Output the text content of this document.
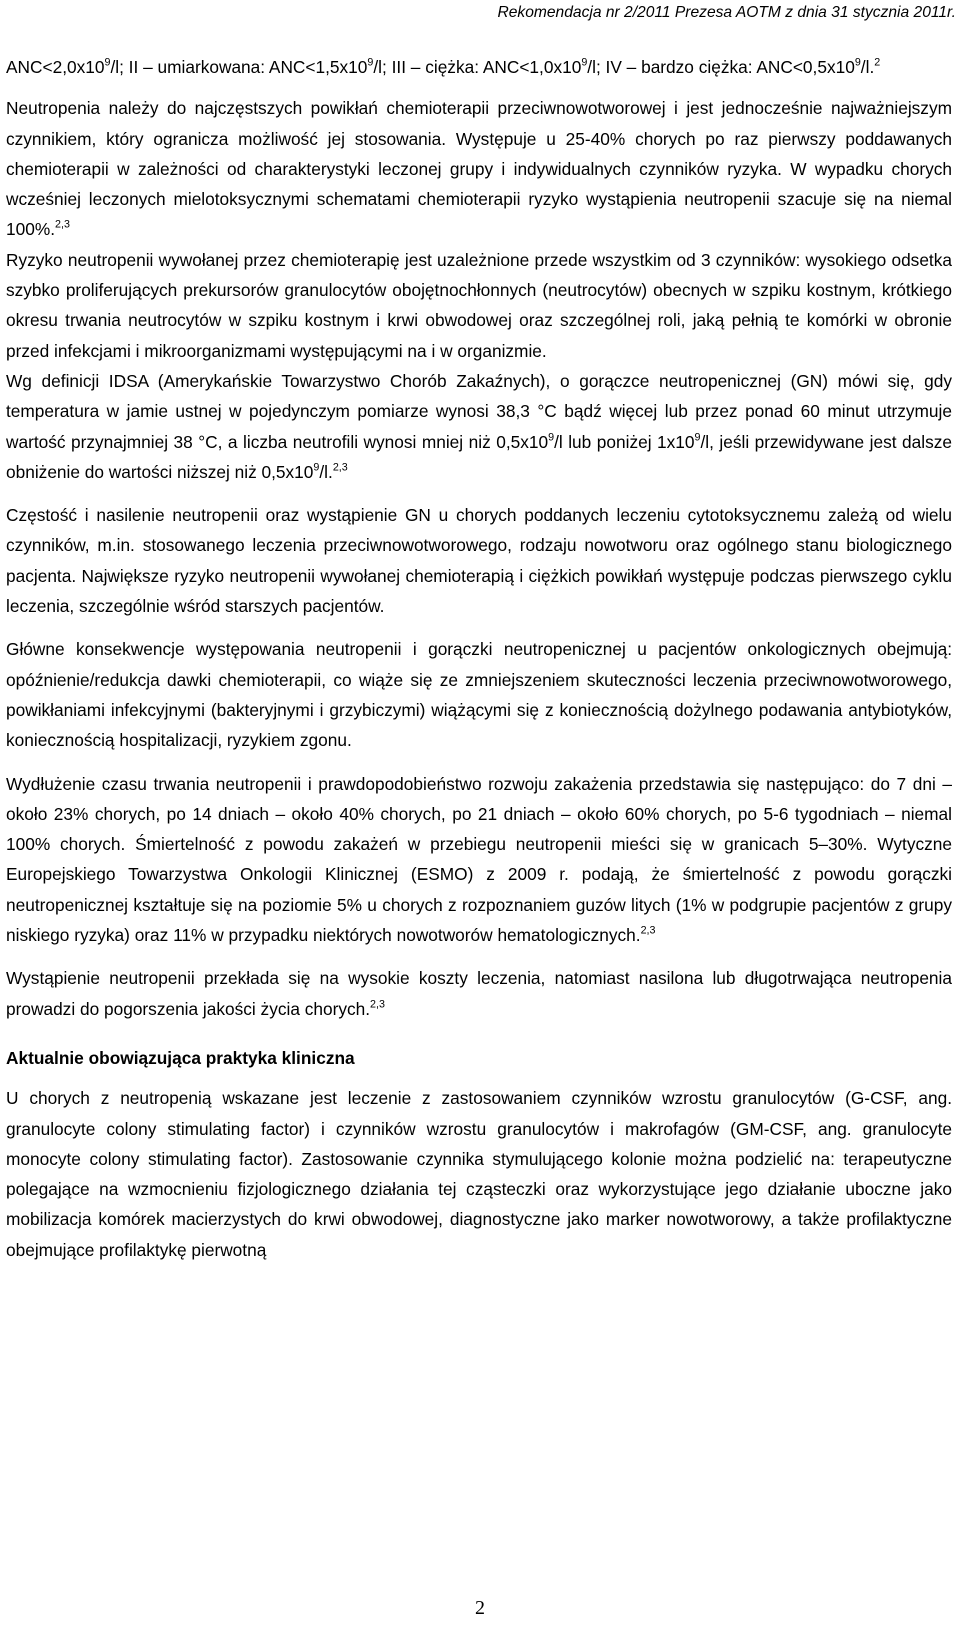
Rekomendacja nr 2/2011 Prezesa AOTM z dnia 31 stycznia 2011r.

$ANC<2,0x10^9/l$; II – umiarkowana: $ANC<1,5x10^9/l$; III – ciężka: $ANC<1,0x10^9/l$; IV – bardzo ciężka: $ANC<0,5x10^9/l.^2$

Neutropenia należy do najczęstszych powikłań chemioterapii przeciwnowotworowej i jest jednocześnie najważniejszym czynnikiem, który ogranicza możliwość jej stosowania. Występuje u 25-40% chorych po raz pierwszy poddawanych chemioterapii w zależności od charakterystyki leczonej grupy i indywidualnych czynników ryzyka. W wypadku chorych wcześniej leczonych mielotoksycznymi schematami chemioterapii ryzyko wystąpienia neutropenii szacuje się na niemal 100%.$^{2,3}$

Ryzyko neutropenii wywołanej przez chemioterapię jest uzależnione przede wszystkim od 3 czynników: wysokiego odsetka szybko proliferujących prekursorów granulocytów obojętnochłonnych (neutrocytów) obecnych w szpiku kostnym, krótkiego okresu trwania neutrocytów w szpiku kostnym i krwi obwodowej oraz szczególnej roli, jaką pełnią te komórki w obronie przed infekcjami i mikroorganizmami występującymi na i w organizmie.

Wg definicji IDSA (Amerykańskie Towarzystwo Chorób Zakaźnych), o gorączce neutropenicznej (GN) mówi się, gdy temperatura w jamie ustnej w pojedynczym pomiarze wynosi 38,3 °C bądź więcej lub przez ponad 60 minut utrzymuje wartość przynajmniej 38 °C, a liczba neutrofili wynosi mniej niż $0,5x10^9/l$ lub poniżej $1x10^9/l$, jeśli przewidywane jest dalsze obniżenie do wartości niższej niż $0,5x10^9/l.^{2,3}$

Częstość i nasilenie neutropenii oraz wystąpienie GN u chorych poddanych leczeniu cytotoksycznemu zależą od wielu czynników, m.in. stosowanego leczenia przeciwnowotworowego, rodzaju nowotworu oraz ogólnego stanu biologicznego pacjenta. Największe ryzyko neutropenii wywołanej chemioterapią i ciężkich powikłań występuje podczas pierwszego cyklu leczenia, szczególnie wśród starszych pacjentów.

Główne konsekwencje występowania neutropenii i gorączki neutropenicznej u pacjentów onkologicznych obejmują: opóźnienie/redukcja dawki chemioterapii, co wiąże się ze zmniejszeniem skuteczności leczenia przeciwnowotworowego, powikłaniami infekcyjnymi (bakteryjnymi i grzybiczymi) wiążącymi się z koniecznością dożylnego podawania antybiotyków, koniecznością hospitalizacji, ryzykiem zgonu.

Wydłużenie czasu trwania neutropenii i prawdopodobieństwo rozwoju zakażenia przedstawia się następująco: do 7 dni – około 23% chorych, po 14 dniach – około 40% chorych, po 21 dniach – około 60% chorych, po 5-6 tygodniach – niemal 100% chorych. Śmiertelność z powodu zakażeń w przebiegu neutropenii mieści się w granicach 5–30%. Wytyczne Europejskiego Towarzystwa Onkologii Klinicznej (ESMO) z 2009 r. podają, że śmiertelność z powodu gorączki neutropenicznej kształtuje się na poziomie 5% u chorych z rozpoznaniem guzów litych (1% w podgrupie pacjentów z grupy niskiego ryzyka) oraz 11% w przypadku niektórych nowotworów hematologicznych.$^{2,3}$

Wystąpienie neutropenii przekłada się na wysokie koszty leczenia, natomiast nasilona lub długotrwająca neutropenia prowadzi do pogorszenia jakości życia chorych.$^{2,3}$

Aktualnie obowiązująca praktyka kliniczna

U chorych z neutropenią wskazane jest leczenie z zastosowaniem czynników wzrostu granulocytów (G-CSF, ang. granulocyte colony stimulating factor) i czynników wzrostu granulocytów i makrofagów (GM-CSF, ang. granulocyte monocyte colony stimulating factor). Zastosowanie czynnika stymulującego kolonie można podzielić na: terapeutyczne polegające na wzmocnieniu fizjologicznego działania tej cząsteczki oraz wykorzystujące jego działanie uboczne jako mobilizacja komórek macierzystych do krwi obwodowej, diagnostyczne jako marker nowotworowy, a także profilaktyczne obejmujące profilaktykę pierwotną

2
